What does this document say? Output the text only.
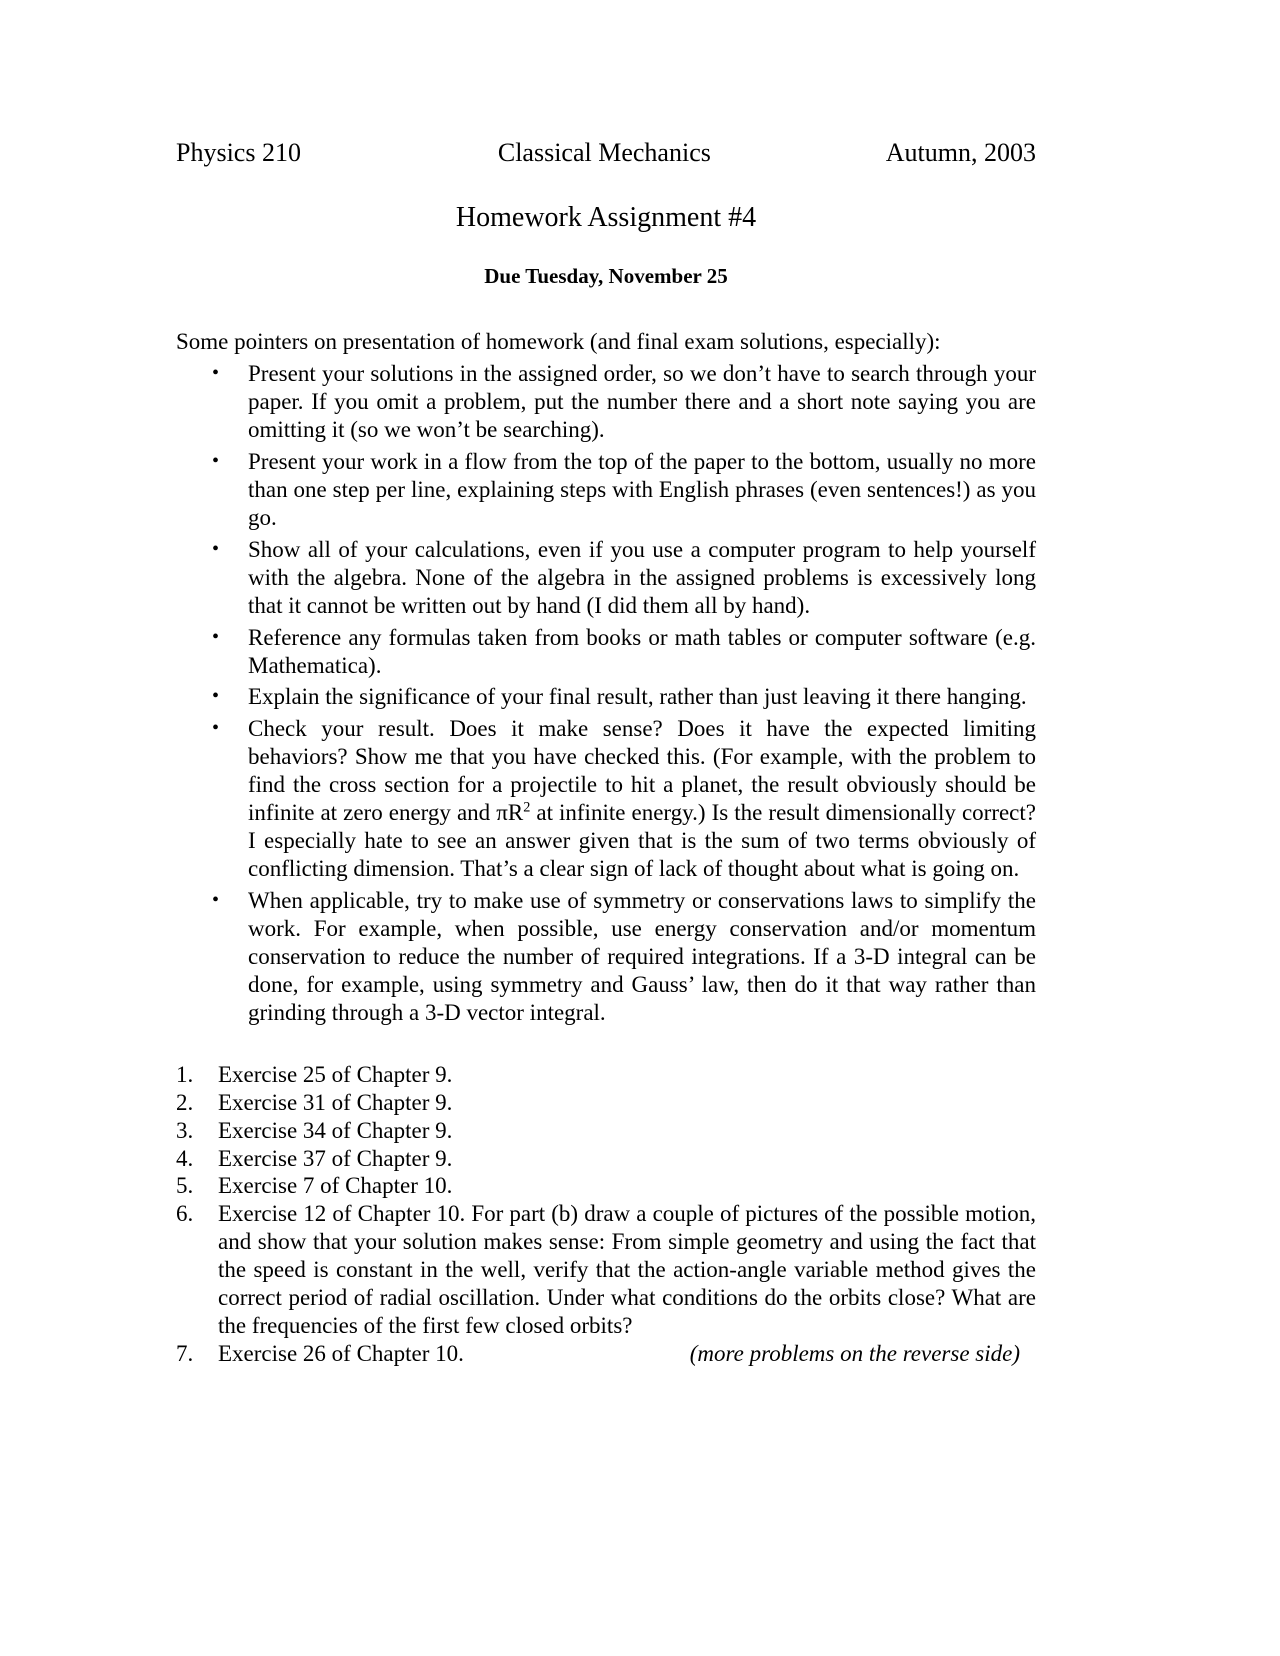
Physics 210	Classical Mechanics	Autumn, 2003
Homework Assignment #4
Due Tuesday, November 25
Some pointers on presentation of homework (and final exam solutions, especially):
• Present your solutions in the assigned order, so we don’t have to search through your paper. If you omit a problem, put the number there and a short note saying you are omitting it (so we won’t be searching).

• Present your work in a flow from the top of the paper to the bottom, usually no more than one step per line, explaining steps with English phrases (even sentences!) as you go.

• Show all of your calculations, even if you use a computer program to help yourself with the algebra. None of the algebra in the assigned problems is excessively long that it cannot be written out by hand (I did them all by hand).

• Reference any formulas taken from books or math tables or computer software (e.g. Mathematica).

• Explain the significance of your final result, rather than just leaving it there hanging.

• Check your result. Does it make sense? Does it have the expected limiting behaviors? Show me that you have checked this. (For example, with the problem to find the cross section for a projectile to hit a planet, the result obviously should be infinite at zero energy and $\pi R^2$ at infinite energy.) Is the result dimensionally correct? I especially hate to see an answer given that is the sum of two terms obviously of conflicting dimension. That’s a clear sign of lack of thought about what is going on.

• When applicable, try to make use of symmetry or conservations laws to simplify the work. For example, when possible, use energy conservation and/or momentum conservation to reduce the number of required integrations. If a 3-D integral can be done, for example, using symmetry and Gauss’ law, then do it that way rather than grinding through a 3-D vector integral.

1.	Exercise 25 of Chapter 9.

2.	Exercise 31 of Chapter 9.

3.	Exercise 34 of Chapter 9.

4.	Exercise 37 of Chapter 9.

5.	Exercise 7 of Chapter 10.

6.	Exercise 12 of Chapter 10. For part (b) draw a couple of pictures of the possible motion, and show that your solution makes sense: From simple geometry and using the fact that the speed is constant in the well, verify that the action-angle variable method gives the correct period of radial oscillation. Under what conditions do the orbits close? What are the frequencies of the first few closed orbits?

7.	Exercise 26 of Chapter 10.	(more problems on the reverse side)
